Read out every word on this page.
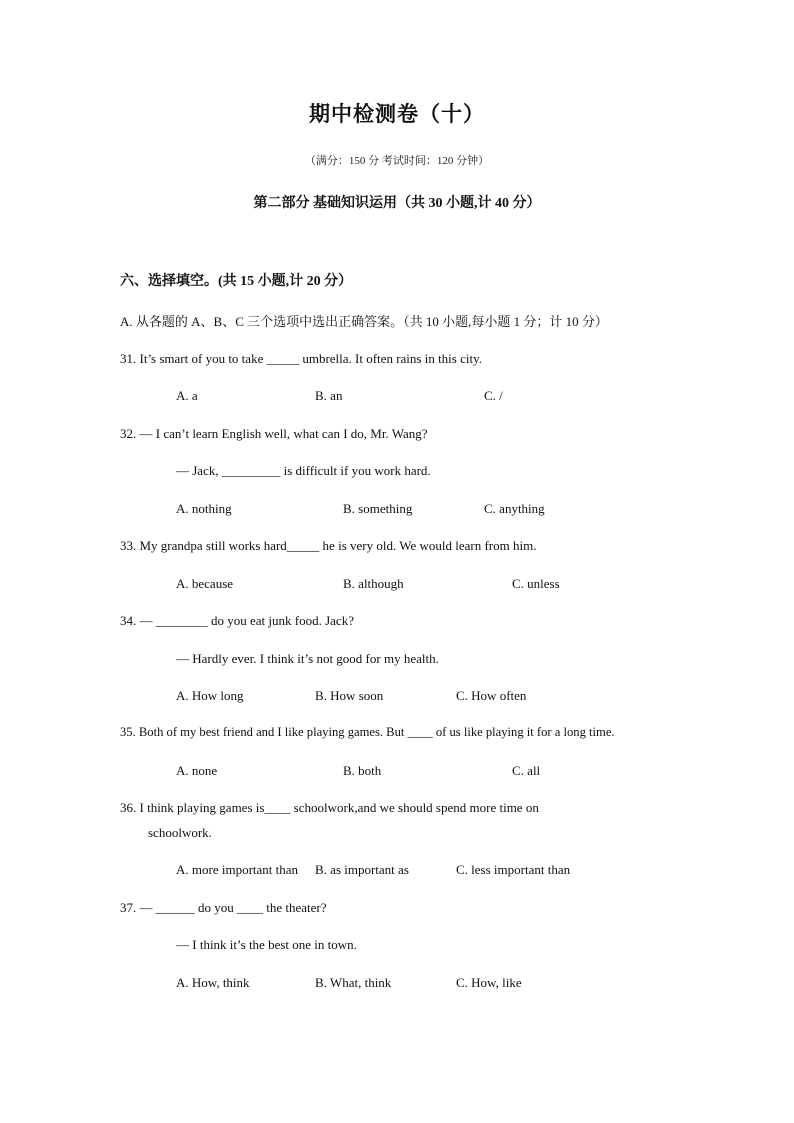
期中检测卷（十）
（满分：150 分 考试时间：120 分钟）
第二部分 基础知识运用（共 30 小题,计 40 分）
六、选择填空。(共 15 小题,计 20 分）
A. 从各题的 A、B、C 三个选项中选出正确答案。（共 10 小题,每小题 1 分；计 10 分）
31. It’s smart of you to take _____ umbrella. It often rains in this city.
A. a	B. an	C. /
32. — I can’t learn English well, what can I do, Mr. Wang?
— Jack, _________ is difficult if you work hard.
A. nothing	B. something	C. anything
33. My grandpa still works hard_____ he is very old. We would learn from him.
A. because	B. although	C. unless
34. — ________ do you eat junk food. Jack?
— Hardly ever. I think it’s not good for my health.
A. How long	B. How soon	C. How often
35. Both of my best friend and I like playing games. But ____ of us like playing it for a long time.
A. none	B. both	C. all
36. I think playing games is____ schoolwork,and we should spend more time on
schoolwork.
A. more important than B. as important as	C. less important than
37. — ______ do you ____ the theater?
— I think it’s the best one in town.
A. How, think	B. What, think	C. How, like
